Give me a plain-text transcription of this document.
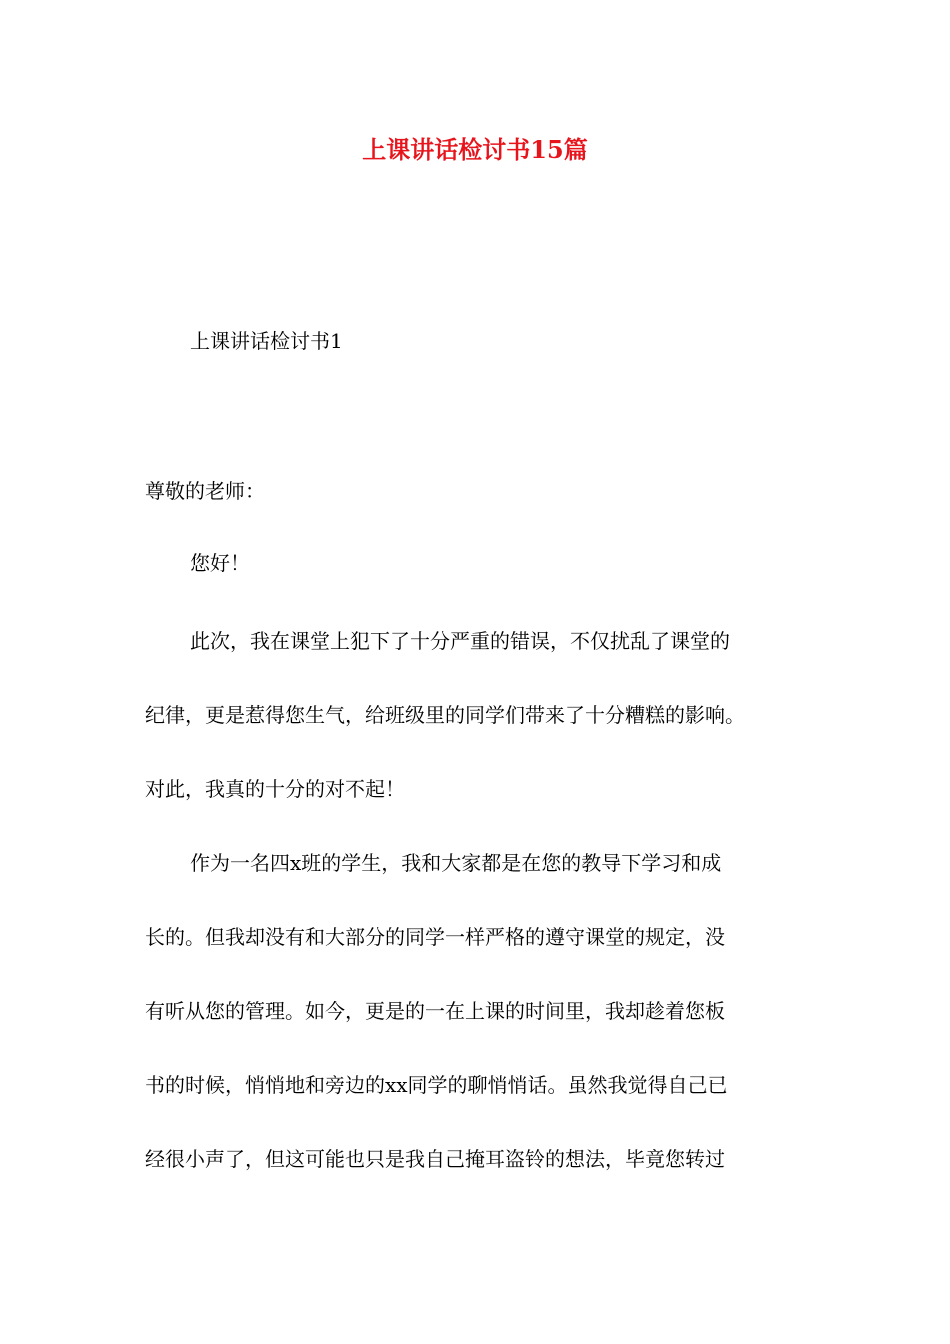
上课讲话检讨书15篇

上课讲话检讨书1

尊敬的老师：

您好！

此次，我在课堂上犯下了十分严重的错误，不仅扰乱了课堂的

纪律，更是惹得您生气，给班级里的同学们带来了十分糟糕的影响。

对此，我真的十分的对不起！

作为一名四x班的学生，我和大家都是在您的教导下学习和成

长的。但我却没有和大部分的同学一样严格的遵守课堂的规定，没

有听从您的管理。如今，更是的一在上课的时间里，我却趁着您板

书的时候，悄悄地和旁边的xx同学的聊悄悄话。虽然我觉得自己已

经很小声了，但这可能也只是我自己掩耳盗铃的想法，毕竟您转过
